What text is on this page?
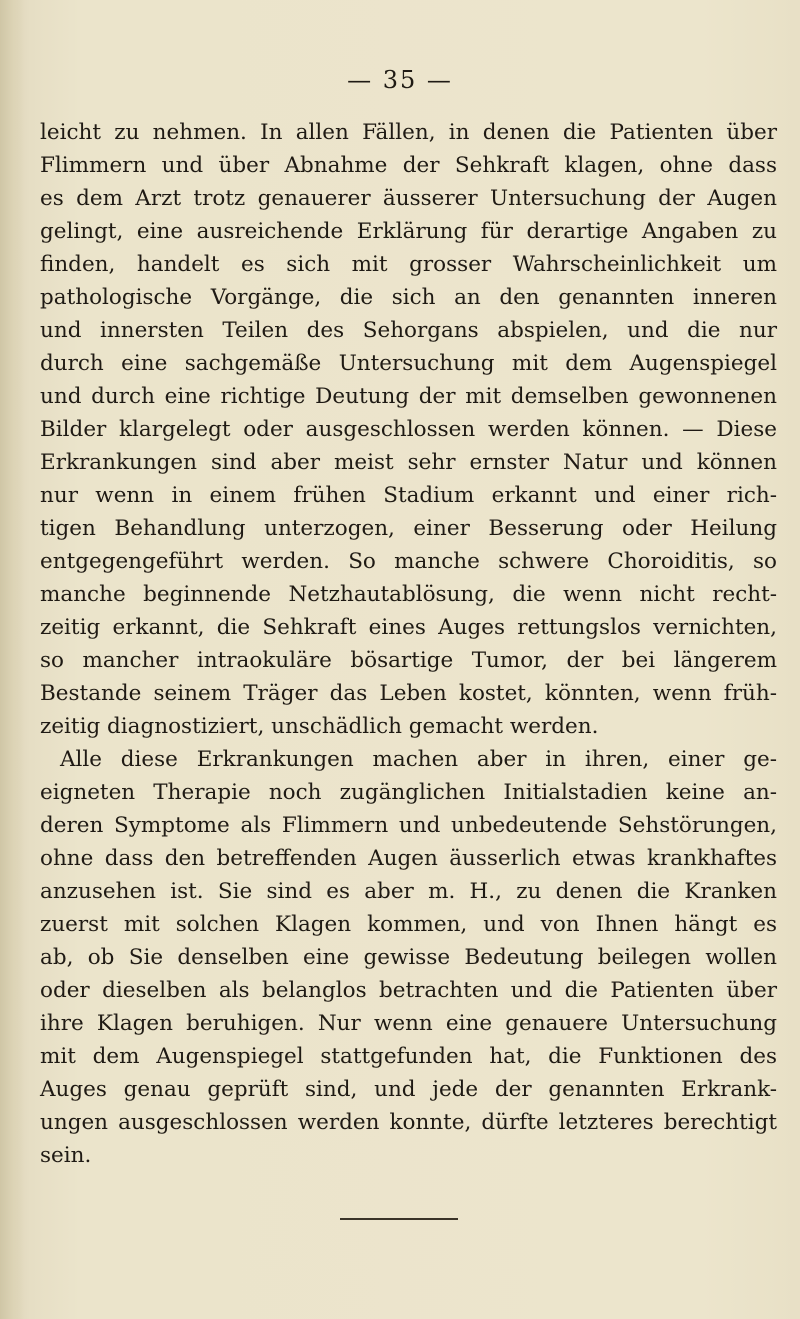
— 35 —
leicht zu nehmen. In allen Fällen, in denen die Patienten über
Flimmern und über Abnahme der Sehkraft klagen, ohne dass
es dem Arzt trotz genauerer äusserer Untersuchung der Augen
gelingt, eine ausreichende Erklärung für derartige Angaben zu
finden, handelt es sich mit grosser Wahrscheinlichkeit um
pathologische Vorgänge, die sich an den genannten inneren
und innersten Teilen des Sehorgans abspielen, und die nur
durch eine sachgemäße Untersuchung mit dem Augenspiegel
und durch eine richtige Deutung der mit demselben gewonnenen
Bilder klargelegt oder ausgeschlossen werden können. — Diese
Erkrankungen sind aber meist sehr ernster Natur und können
nur wenn in einem frühen Stadium erkannt und einer rich-
tigen Behandlung unterzogen, einer Besserung oder Heilung
entgegengeführt werden. So manche schwere Choroiditis, so
manche beginnende Netzhautablösung, die wenn nicht recht-
zeitig erkannt, die Sehkraft eines Auges rettungslos vernichten,
so mancher intraokuläre bösartige Tumor, der bei längerem
Bestande seinem Träger das Leben kostet, könnten, wenn früh-
zeitig diagnostiziert, unschädlich gemacht werden.
Alle diese Erkrankungen machen aber in ihren, einer ge-
eigneten Therapie noch zugänglichen Initialstadien keine an-
deren Symptome als Flimmern und unbedeutende Sehstörungen,
ohne dass den betreffenden Augen äusserlich etwas krankhaftes
anzusehen ist. Sie sind es aber m. H., zu denen die Kranken
zuerst mit solchen Klagen kommen, und von Ihnen hängt es
ab, ob Sie denselben eine gewisse Bedeutung beilegen wollen
oder dieselben als belanglos betrachten und die Patienten über
ihre Klagen beruhigen. Nur wenn eine genauere Untersuchung
mit dem Augenspiegel stattgefunden hat, die Funktionen des
Auges genau geprüft sind, und jede der genannten Erkrank-
ungen ausgeschlossen werden konnte, dürfte letzteres berechtigt
sein.
